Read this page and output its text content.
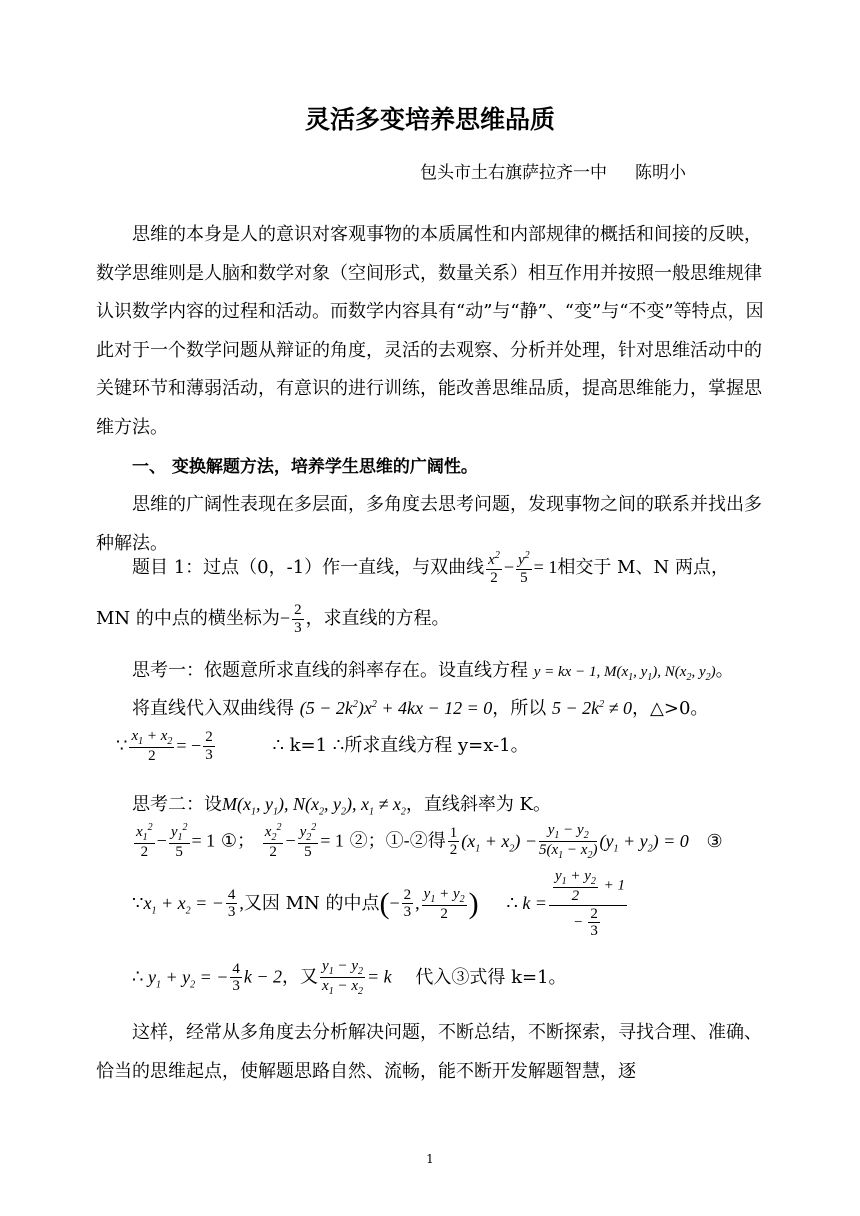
灵活多变培养思维品质
包头市土右旗萨拉齐一中 陈明小
思维的本身是人的意识对客观事物的本质属性和内部规律的概括和间接的反映，数学思维则是人脑和数学对象（空间形式，数量关系）相互作用并按照一般思维规律认识数学内容的过程和活动。而数学内容具有“动”与“静”、“变”与“不变”等特点，因此对于一个数学问题从辩证的角度，灵活的去观察、分析并处理，针对思维活动中的关键环节和薄弱活动，有意识的进行训练，能改善思维品质，提高思维能力，掌握思维方法。
一、 变换解题方法，培养学生思维的广阔性。
思维的广阔性表现在多层面，多角度去思考问题，发现事物之间的联系并找出多种解法。
题目 1：过点（0，-1）作一直线，与双曲线 $\frac{x^2}{2} - \frac{y^2}{5} = 1$相交于 M、N 两点，
MN 的中点的横坐标为− $\frac{2}{3}$ ，求直线的方程。
思考一：依题意所求直线的斜率存在。设直线方程 y = kx − 1, $M(x_1$, $y_1$), $N(x_2$, $y_2$)。
将直线代入双曲线得 $(5 - 2k^2)x^2 + 4kx - 12 = 0$，所以 $5 - 2k^2 \ne 0$，△>0。
∵ $\frac{x_1 + x_2}{2}$ = − $\frac{2}{3}$	∴ k=1 ∴所求直线方程 y=x-1。
思考二：设$M(x_1$, $y_1$), $N(x_2$, $y_2$), $x_1 \ne x_2$，直线斜率为 K。
$\frac{x_1^2}{2} - \frac{y_1^2}{5} = 1$ ①； $\frac{x_2^2}{2} - \frac{y_2^2}{5} = 1$ ②；①-②得 $\frac{1}{2} (x_1 + x_2) - \frac{y_1 - y_2}{5(x_1 - x_2)} (y_1 + y_2) = 0$ ③
$\because x_1 + x_2$ = − $\frac{4}{3}$ ,又因 MN 的中点(− $\frac{2}{3}$ , $\frac{y_1 + y_2}{2}$ ) ∴ $k = \frac{\frac{y_1 + y_2}{2} + 1}{- \frac{2}{3}}$
∴ $y_1 + y_2$ = − $\frac{4}{3}$ k − 2，又 $\frac{y_1 - y_2}{x_1 - x_2} = k$ 代入③式得 k=1。
这样，经常从多角度去分析解决问题，不断总结，不断探索，寻找合理、准确、恰当的思维起点，使解题思路自然、流畅，能不断开发解题智慧，逐
1
